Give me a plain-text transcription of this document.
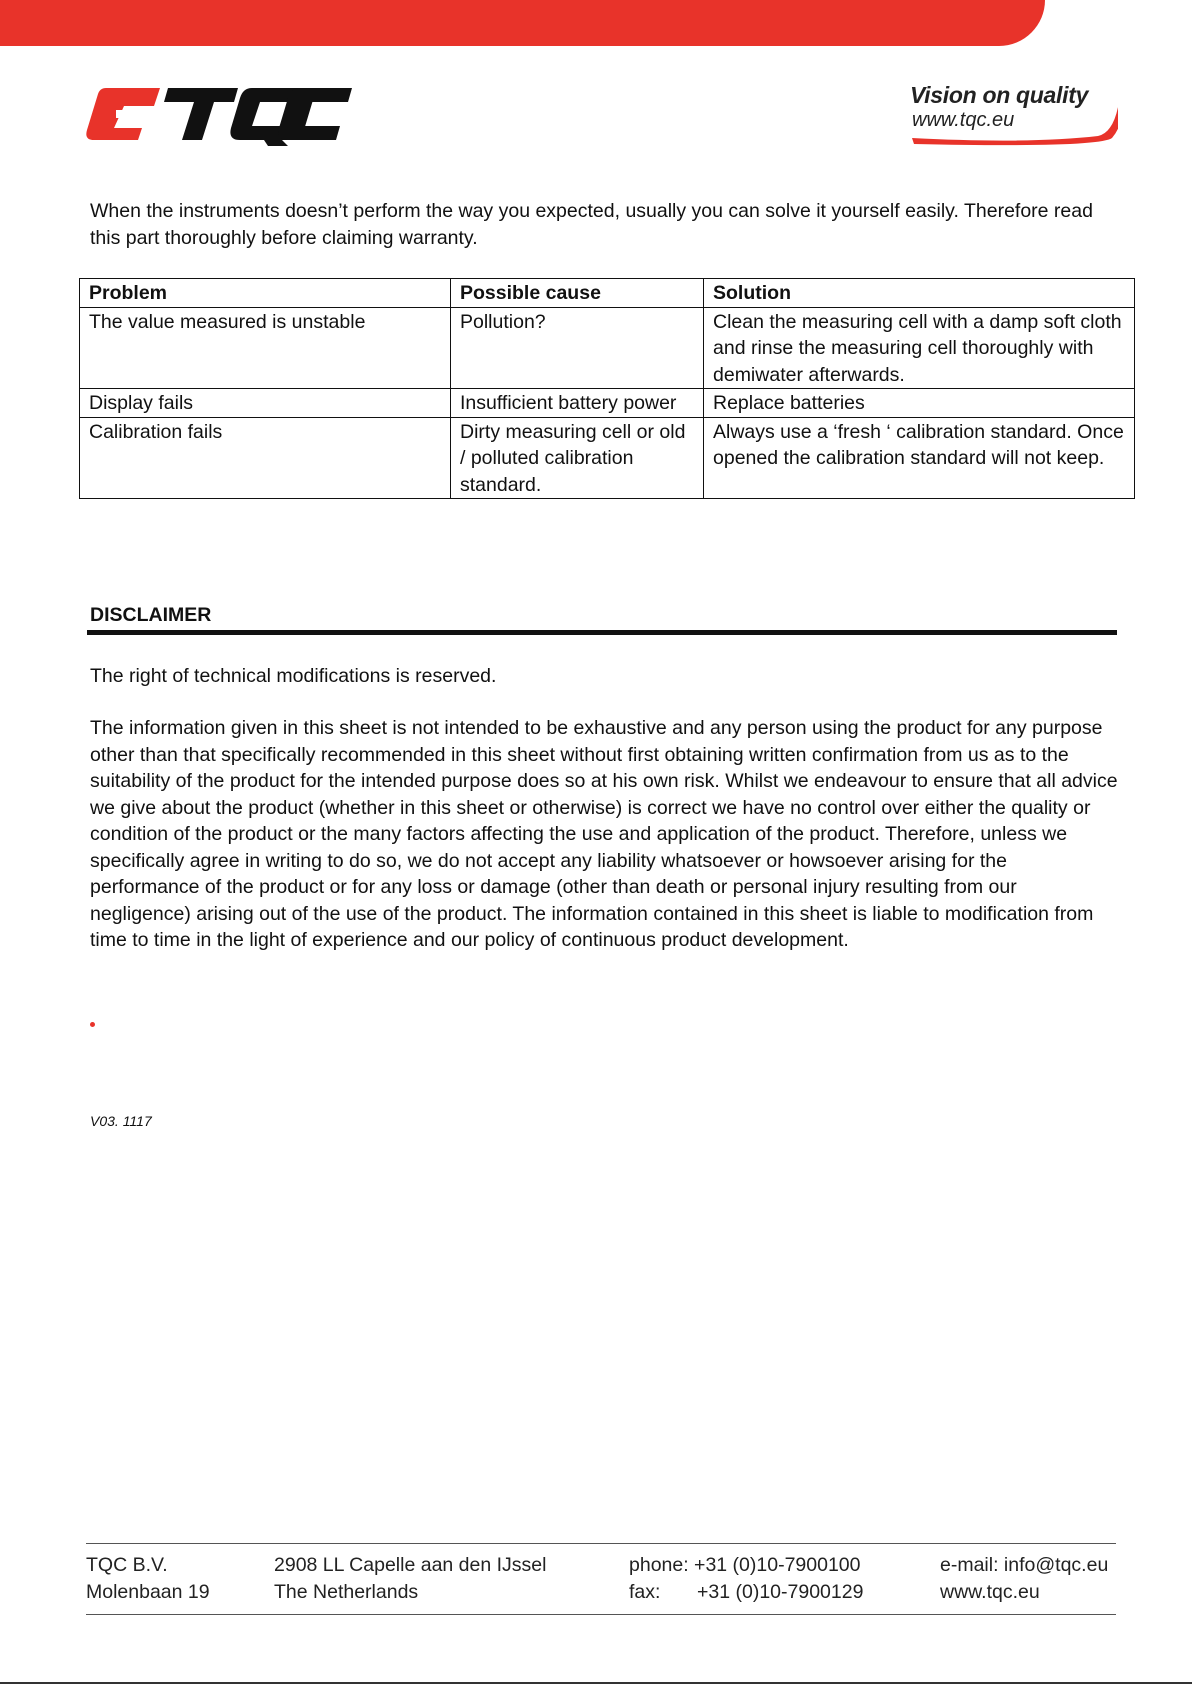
Vision on quality
www.tqc.eu
When the instruments doesn’t perform the way you expected, usually you can solve it yourself easily. Therefore read this part thoroughly before claiming warranty.
Problem	Possible cause	Solution
The value measured is unstable	Pollution?	Clean the measuring cell with a damp soft cloth and rinse the measuring cell thoroughly with demiwater afterwards.
Display fails	Insufficient battery power	Replace batteries
Calibration fails	Dirty measuring cell or old / polluted calibration standard.	Always use a ‘fresh ‘ calibration standard. Once opened the calibration standard will not keep.
DISCLAIMER
The right of technical modifications is reserved.
The information given in this sheet is not intended to be exhaustive and any person using the product for any purpose other than that specifically recommended in this sheet without first obtaining written confirmation from us as to the suitability of the product for the intended purpose does so at his own risk. Whilst we endeavour to ensure that all advice we give about the product (whether in this sheet or otherwise) is correct we have no control over either the quality or condition of the product or the many factors affecting the use and application of the product. Therefore, unless we specifically agree in writing to do so, we do not accept any liability whatsoever or howsoever arising for the performance of the product or for any loss or damage (other than death or personal injury resulting from our negligence) arising out of the use of the product. The information contained in this sheet is liable to modification from time to time in the light of experience and our policy of continuous product development.
V03. 1117
TQC B.V.
Molenbaan 19
2908 LL Capelle aan den IJssel
The Netherlands
phone: +31 (0)10-7900100
fax: +31 (0)10-7900129
e-mail: info@tqc.eu
www.tqc.eu
